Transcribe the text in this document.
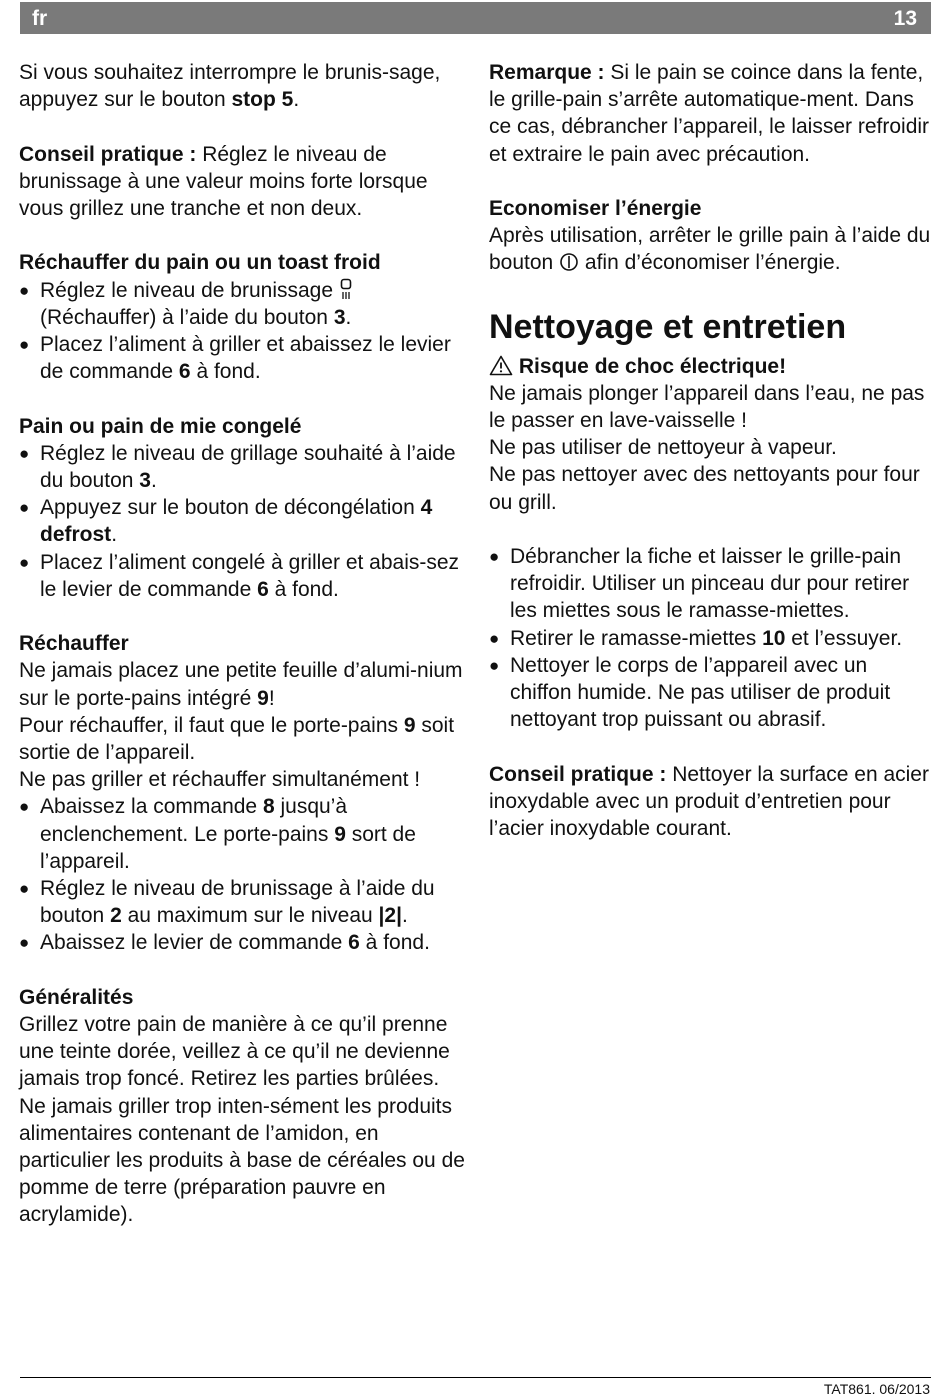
fr	13

Si vous souhaitez interrompre le brunis-sage, appuyez sur le bouton stop 5.

Conseil pratique : Réglez le niveau de brunissage à une valeur moins forte lorsque vous grillez une tranche et non deux.

Réchauffer du pain ou un toast froid

● Réglez le niveau de brunissage  (Réchauffer) à l’aide du bouton 3.
● Placez l’aliment à griller et abaissez le levier de commande 6 à fond.

Pain ou pain de mie congelé

● Réglez le niveau de grillage souhaité à l’aide du bouton 3.
● Appuyez sur le bouton de décongélation 4 defrost.
● Placez l’aliment congelé à griller et abais-sez le levier de commande 6 à fond.

Réchauffer

Ne jamais placez une petite feuille d’alumi-nium sur le porte-pains intégré 9!

Pour réchauffer, il faut que le porte-pains 9 soit sortie de l’appareil.

Ne pas griller et réchauffer simultanément !

● Abaissez la commande 8 jusqu’à enclenchement. Le porte-pains 9 sort de l’appareil.
● Réglez le niveau de brunissage à l’aide du bouton 2 au maximum sur le niveau |2|.
● Abaissez le levier de commande 6 à fond.

Généralités

Grillez votre pain de manière à ce qu’il prenne une teinte dorée, veillez à ce qu’il ne devienne jamais trop foncé. Retirez les parties brûlées. Ne jamais griller trop inten-sément les produits alimentaires contenant de l’amidon, en particulier les produits à base de céréales ou de pomme de terre (préparation pauvre en acrylamide).

Remarque : Si le pain se coince dans la fente, le grille-pain s’arrête automatique-ment. Dans ce cas, débrancher l’appareil, le laisser refroidir et extraire le pain avec précaution.

Economiser l’énergie

Après utilisation, arrêter le grille pain à l’aide du bouton  afin d’économiser l’énergie.

Nettoyage et entretien

Risque de choc électrique!

Ne jamais plonger l’appareil dans l’eau, ne pas le passer en lave-vaisselle !

Ne pas utiliser de nettoyeur à vapeur.

Ne pas nettoyer avec des nettoyants pour four ou grill.

● Débrancher la fiche et laisser le grille-pain refroidir. Utiliser un pinceau dur pour retirer les miettes sous le ramasse-miettes.
● Retirer le ramasse-miettes 10 et l’essuyer.
● Nettoyer le corps de l’appareil avec un chiffon humide. Ne pas utiliser de produit nettoyant trop puissant ou abrasif.

Conseil pratique : Nettoyer la surface en acier inoxydable avec un produit d’entretien pour l’acier inoxydable courant.

TAT861. 06/2013
